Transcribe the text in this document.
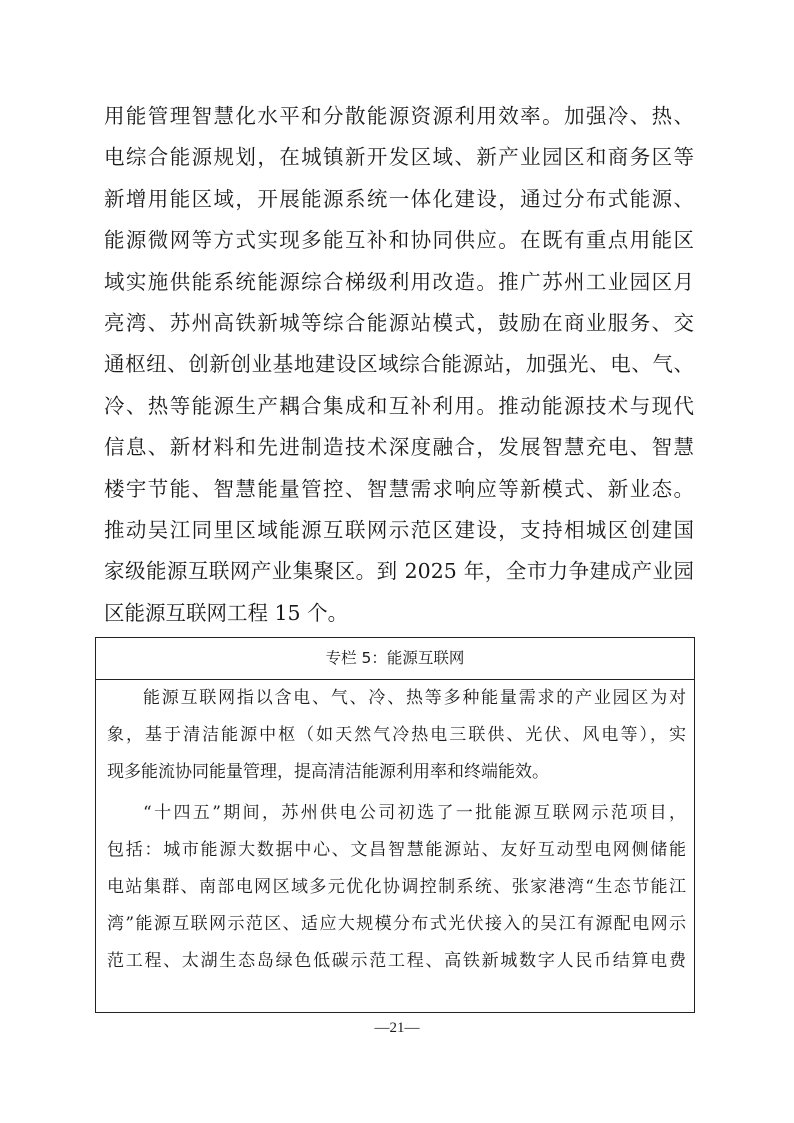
用能管理智慧化水平和分散能源资源利用效率。加强冷、热、
电综合能源规划，在城镇新开发区域、新产业园区和商务区等
新增用能区域，开展能源系统一体化建设，通过分布式能源、
能源微网等方式实现多能互补和协同供应。在既有重点用能区
域实施供能系统能源综合梯级利用改造。推广苏州工业园区月
亮湾、苏州高铁新城等综合能源站模式，鼓励在商业服务、交
通枢纽、创新创业基地建设区域综合能源站，加强光、电、气、
冷、热等能源生产耦合集成和互补利用。推动能源技术与现代
信息、新材料和先进制造技术深度融合，发展智慧充电、智慧
楼宇节能、智慧能量管控、智慧需求响应等新模式、新业态。
推动吴江同里区域能源互联网示范区建设，支持相城区创建国
家级能源互联网产业集聚区。到 2025 年，全市力争建成产业园
区能源互联网工程 15 个。
专栏 5：能源互联网
能源互联网指以含电、气、冷、热等多种能量需求的产业园区为对
象，基于清洁能源中枢（如天然气冷热电三联供、光伏、风电等），实
现多能流协同能量管理，提高清洁能源利用率和终端能效。
“十四五”期间，苏州供电公司初选了一批能源互联网示范项目，
包括：城市能源大数据中心、文昌智慧能源站、友好互动型电网侧储能
电站集群、南部电网区域多元优化协调控制系统、张家港湾“生态节能江
湾”能源互联网示范区、适应大规模分布式光伏接入的吴江有源配电网示
范工程、太湖生态岛绿色低碳示范工程、高铁新城数字人民币结算电费
—21—
